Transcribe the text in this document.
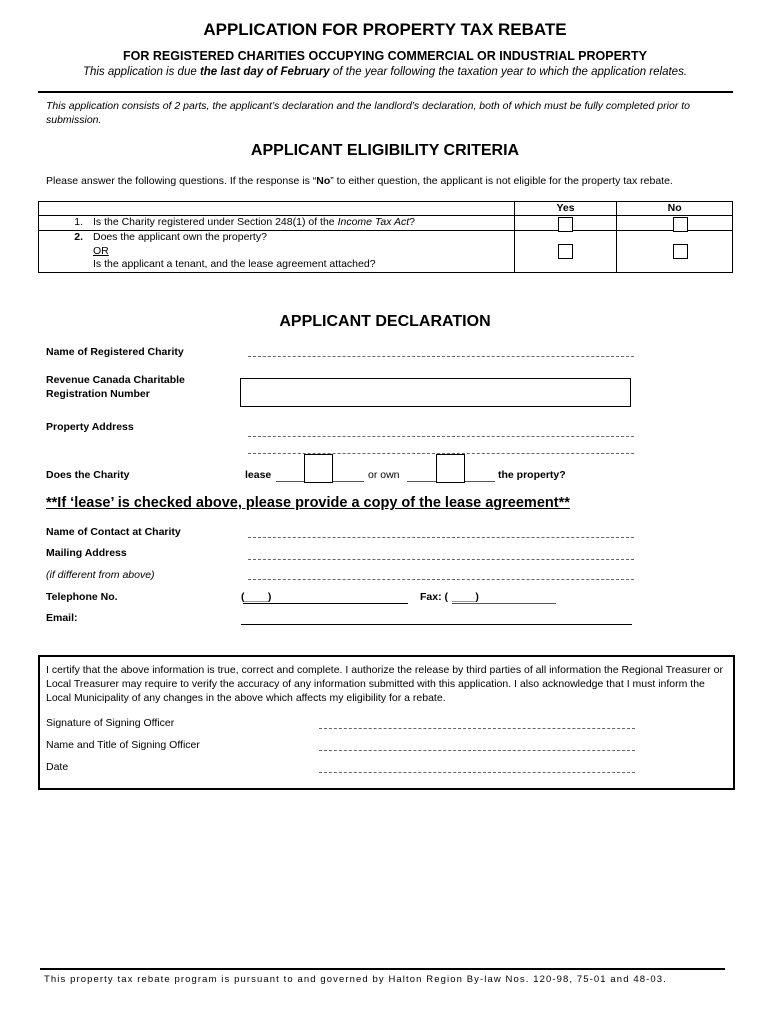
APPLICATION FOR PROPERTY TAX REBATE
FOR REGISTERED CHARITIES OCCUPYING COMMERCIAL OR INDUSTRIAL PROPERTY
This application is due the last day of February of the year following the taxation year to which the application relates.
This application consists of 2 parts, the applicant’s declaration and the landlord’s declaration, both of which must be fully completed prior to submission.
APPLICANT ELIGIBILITY CRITERIA
Please answer the following questions. If the response is “No” to either question, the applicant is not eligible for the property tax rebate.
	Yes	No

1. Is the Charity registered under Section 248(1) of the Income Tax Act?		

2. Does the applicant own the property?
OR
Is the applicant a tenant, and the lease agreement attached?		

APPLICANT DECLARATION
Name of Registered Charity
Revenue Canada Charitable
Registration Number
Property Address
Does the Charity	lease	or own	the property?
**If ‘lease’ is checked above, please provide a copy of the lease agreement**
Name of Contact at Charity
Mailing Address
(if different from above)
Telephone No.	(____)	Fax: ( ____)
Email:
I certify that the above information is true, correct and complete. I authorize the release by third parties of all information the Regional Treasurer or Local Treasurer may require to verify the accuracy of any information submitted with this application. I also acknowledge that I must inform the Local Municipality of any changes in the above which affects my eligibility for a rebate.
Signature of Signing Officer
Name and Title of Signing Officer
Date
This property tax rebate program is pursuant to and governed by Halton Region By-law Nos. 120-98, 75-01 and 48-03.
